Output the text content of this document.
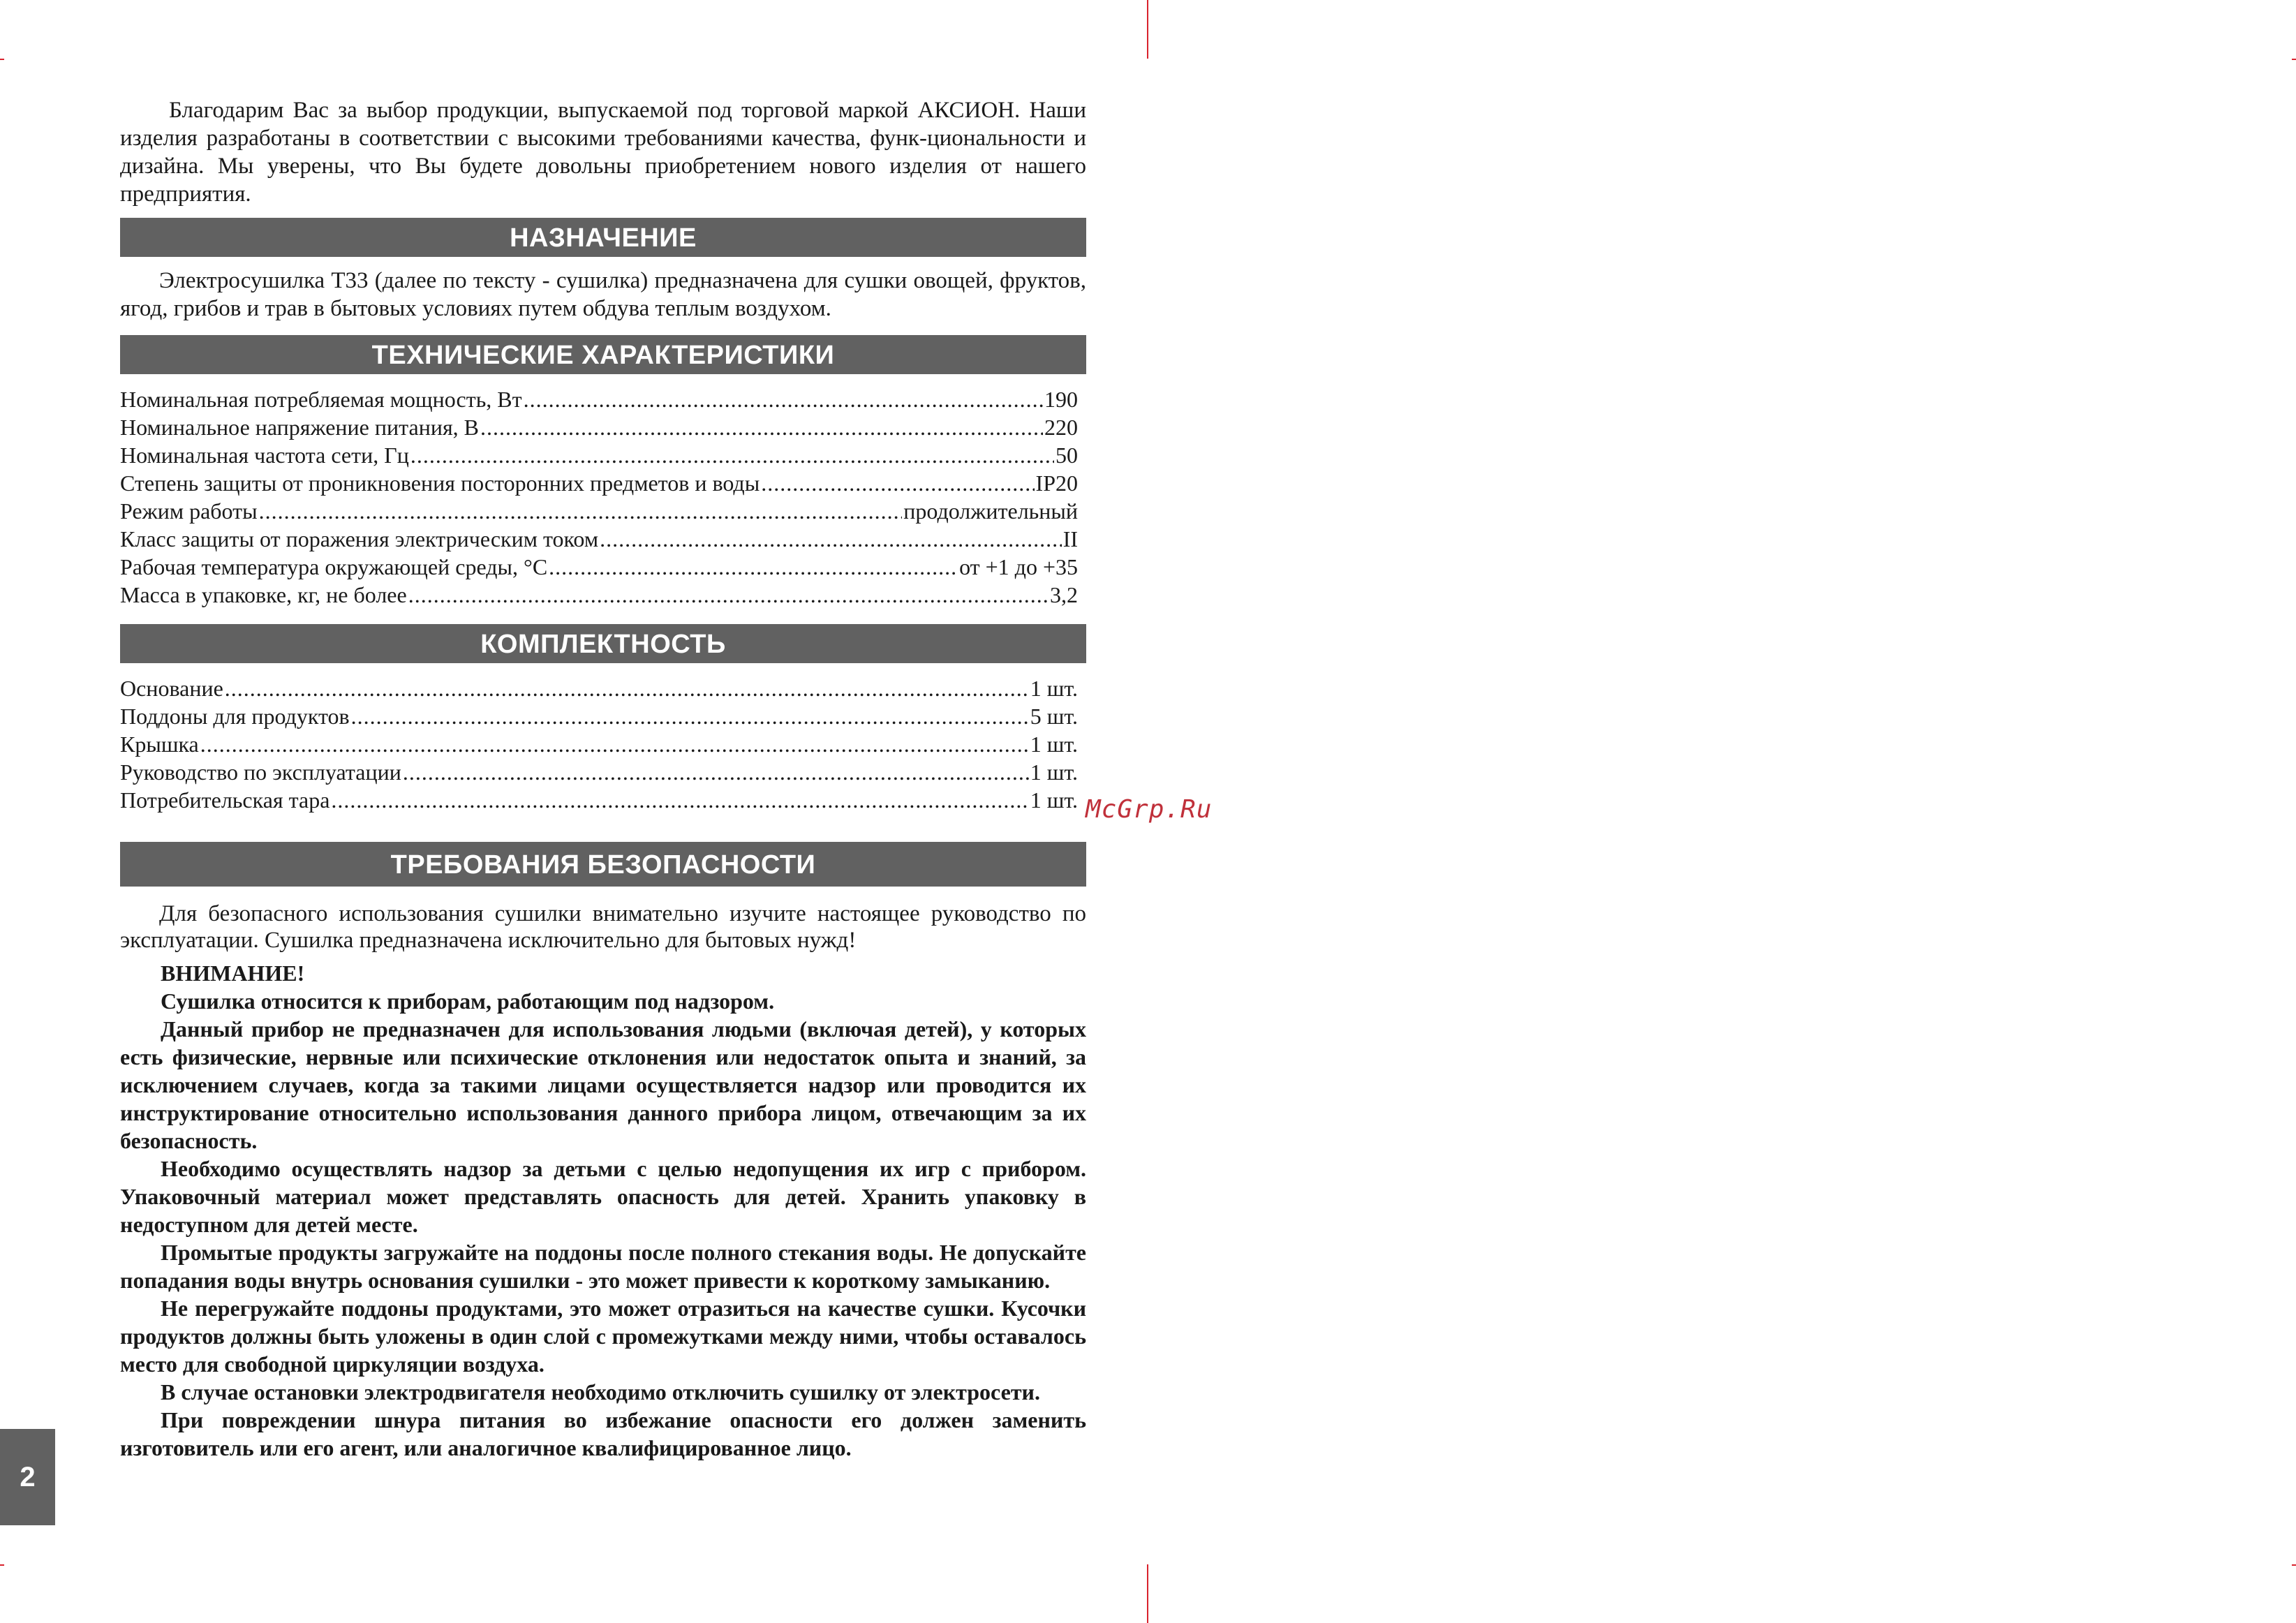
Благодарим Вас за выбор продукции, выпускаемой под торговой маркой АКСИОН. Наши изделия разработаны в соответствии с высокими требованиями качества, функ-циональности и дизайна. Мы уверены, что Вы будете довольны приобретением нового изделия от нашего предприятия.

НАЗНАЧЕНИЕ

Электросушилка Т33 (далее по тексту - сушилка) предназначена для сушки овощей, фруктов, ягод, грибов и трав в бытовых условиях путем обдува теплым воздухом.

ТЕХНИЧЕСКИЕ ХАРАКТЕРИСТИКИ
Номинальная потребляемая мощность, Вт .....	190
Номинальное напряжение питания, В .....	220
Номинальная частота сети, Гц .....	50
Степень защиты от проникновения посторонних предметов и воды .....	IP20
Режим работы .....	продолжительный
Класс защиты от поражения электрическим током .....	II
Рабочая температура окружающей среды, °С .....	от +1 до +35
Масса в упаковке, кг, не более .....	3,2
КОМПЛЕКТНОСТЬ
Основание .....	1 шт.
Поддоны для продуктов .....	5 шт.
Крышка .....	1 шт.
Руководство по эксплуатации .....	1 шт.
Потребительская тара .....	1 шт.
ТРЕБОВАНИЯ БЕЗОПАСНОСТИ

Для безопасного использования сушилки внимательно изучите настоящее руководство по эксплуатации. Сушилка предназначена исключительно для бытовых нужд!

ВНИМАНИЕ!

Сушилка относится к приборам, работающим под надзором.

Данный прибор не предназначен для использования людьми (включая детей), у которых есть физические, нервные или психические отклонения или недостаток опыта и знаний, за исключением случаев, когда за такими лицами осуществляется надзор или проводится их инструктирование относительно использования данного прибора лицом, отвечающим за их безопасность.

Необходимо осуществлять надзор за детьми с целью недопущения их игр с прибором. Упаковочный материал может представлять опасность для детей. Хранить упаковку в недоступном для детей месте.

Промытые продукты загружайте на поддоны после полного стекания воды. Не допускайте попадания воды внутрь основания сушилки - это может привести к короткому замыканию.

Не перегружайте поддоны продуктами, это может отразиться на качестве сушки. Кусочки продуктов должны быть уложены в один слой с промежутками между ними, чтобы оставалось место для свободной циркуляции воздуха.

В случае остановки электродвигателя необходимо отключить сушилку от электросети.

При повреждении шнура питания во избежание опасности его должен заменить изготовитель или его агент, или аналогичное квалифицированное лицо.

McGrp.Ru
2
